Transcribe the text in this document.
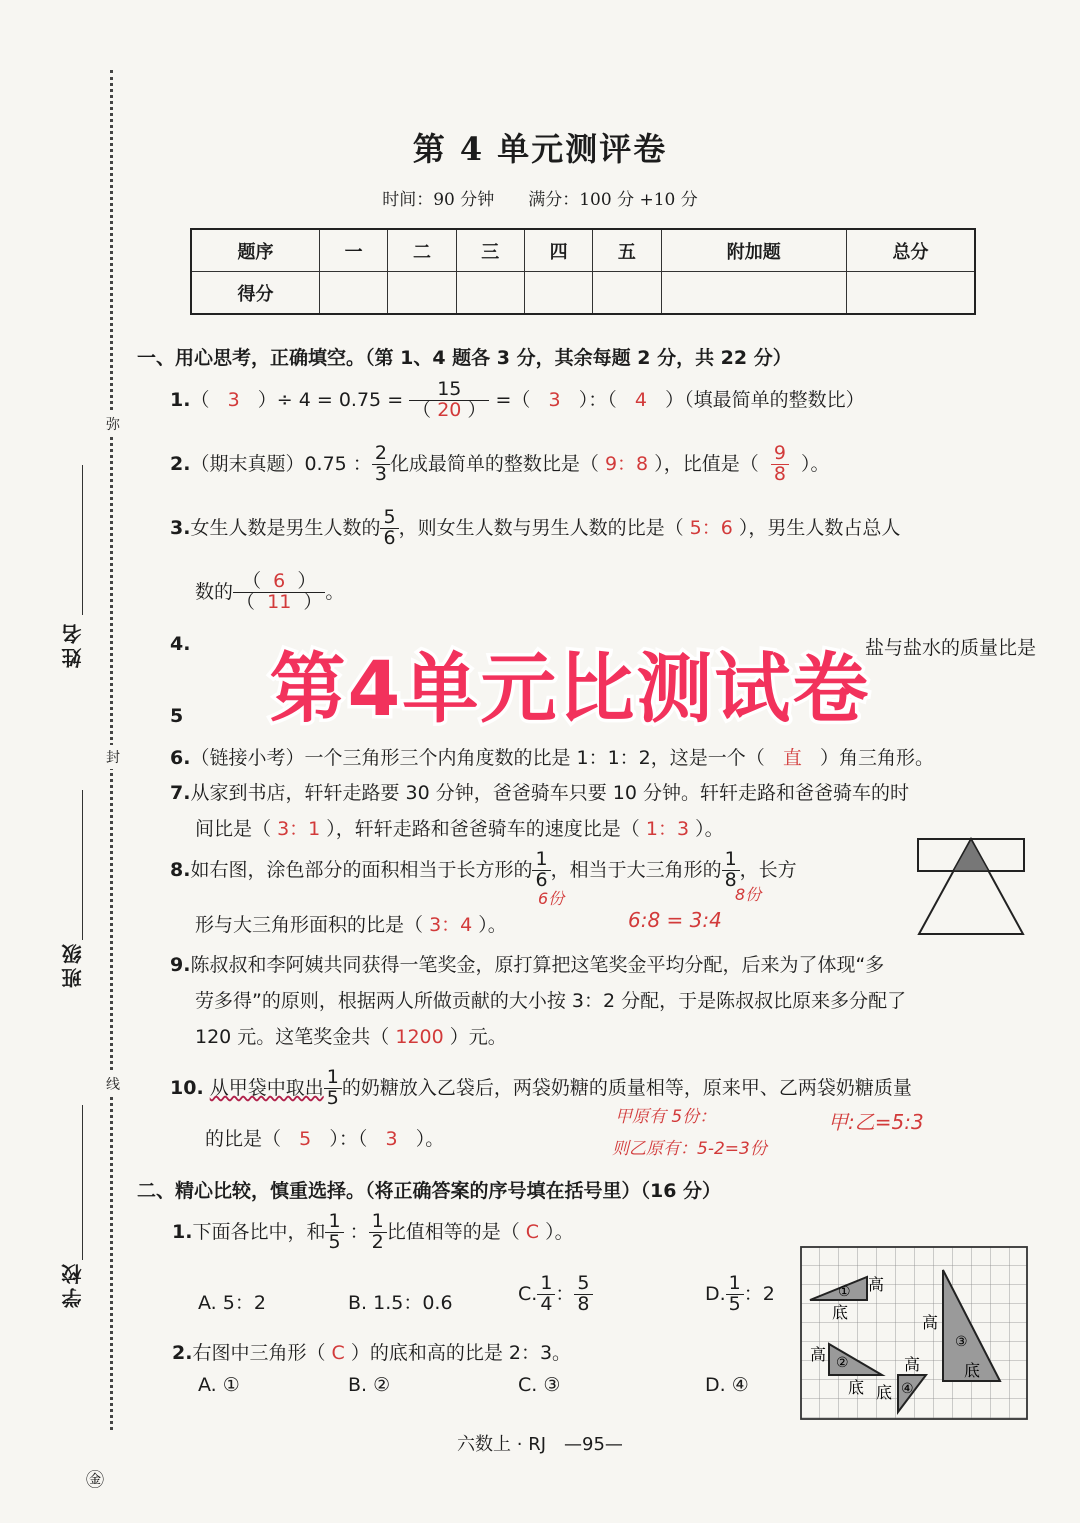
姓名
班级
学校
弥
封
线
㊎
第 4 单元测评卷
时间：90 分钟　　满分：100 分 +10 分
题序	一	二	三	四	五	附加题	总分
得分							
一、用心思考，正确填空。（第 1、4 题各 3 分，其余每题 2 分，共 22 分）
1.（   3   ）÷ $4 = 0.75 = \frac{15}{( 20 )}$ =（   3   ）：（   4   ）（填最简单的整数比）
2.（期末真题）0.75 ： $\frac{2}{3}$ 化成最简单的整数比是（ 9：8 ），比值是（ $\frac{9}{8}$ ）。
3.女生人数是男生人数的 $\frac{5}{6}$ ，则女生人数与男生人数的比是（ 5：6 ），男生人数占总人
数的 $\frac{( 6 )}{( 11 )}$ 。
4.	盐与盐水的质量比是
5	第4单元比测试卷
6.（链接小考）一个三角形三个内角度数的比是 1：1：2，这是一个（ 直 ）角三角形。
7.从家到书店，轩轩走路要 30 分钟，爸爸骑车只要 10 分钟。轩轩走路和爸爸骑车的时
间比是（ 3：1 ），轩轩走路和爸爸骑车的速度比是（ 1：3 ）。
8.如右图，涂色部分的面积相当于长方形的 $\frac{1}{6}$ ，相当于大三角形的 $\frac{1}{8}$ ，长方
6份	8份
形与大三角形面积的比是（ 3：4 ）。	6:8 = 3:4
9.陈叔叔和李阿姨共同获得一笔奖金，原打算把这笔奖金平均分配，后来为了体现“多
劳多得”的原则，根据两人所做贡献的大小按 3：2 分配，于是陈叔叔比原来多分配了
120 元。这笔奖金共（ 1200 ）元。
10. 从甲袋中取出 $\frac{1}{5}$ 的奶糖放入乙袋后，两袋奶糖的质量相等，原来甲、乙两袋奶糖质量
的比是（ 5 ）：（ 3 ）。
甲原有 5份：
则乙原有：5-2=3份
甲:乙=5:3
二、精心比较，慎重选择。（将正确答案的序号填在括号里）（16 分）
1.下面各比中，和 $\frac{1}{5}$ ： $\frac{1}{2}$ 比值相等的是（ C ）。
A. 5：2	B. 1.5：0.6	C. $\frac{1}{4}$ ： $\frac{5}{8}$	D. $\frac{1}{5}$ ：2
2.右图中三角形（ C ）的底和高的比是 2：3。
A. ①	B. ②	C. ③	D. ④
① 高
底
③
高
底
②
高
底	④
高
底
六数上 · RJ　—95—
